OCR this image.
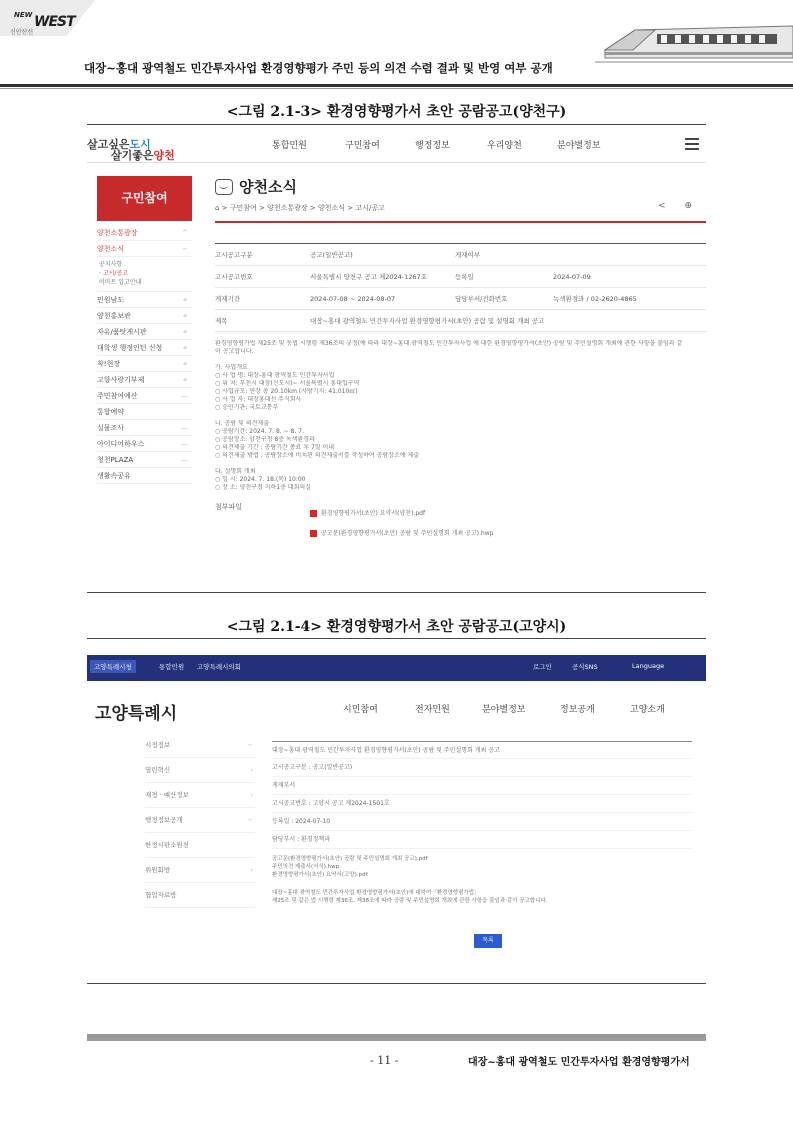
NEW WEST
신안산선
대장~홍대 광역철도 민간투자사업 환경영향평가 주민 등의 의견 수렴 결과 및 반영 여부 공개
<그림 2.1-3> 환경영향평가서 초안 공람공고(양천구)
살고싶은도시
살기좋은양천
통합민원	구민참여	행정정보	우리양천	분야별정보
구민참여
양천소통광장	^
양천소식	−
공지사항
· 고시/공고
이마트 입고안내
민원남도	+
양천홍보관	+
자유/품탓게시판	+
대학생 행정인턴 신청	+
착!현장	+
고향사랑기부제	+
주민참여예산	—
통합예약
실물조사	—
아이디어하우스	—
청천PLAZA	—
생활속공유
양천소식
⌂ > 구민참여 > 양천소통광장 > 양천소식 > 고시/공고	< ⊕
고시공고구분	공고(일반공고)	게재여부
고시공고번호	서울특별시 양천구 공고 제2024-1267호	등록일	2024-07-09
게재기간	2024-07-08 ~ 2024-08-07	담당부서/전화번호	녹색환경과 / 02-2620-4865
제목	대장~홍대 광역철도 민간투자사업 환경영향평가서(초안) 공람 및 설명회 개최 공고

환경영향평가법 제25조 및 동법 시행령 제36조의 규정(에 따라 대장~홍대 광역철도 민간투자사업 에 대한 환경영향평가서(초안) 공람 및 주민설명회 개최에 관한 사항을 붙임과 같

이 공고합니다.

가. 사업개요

○ 사 업 명: 대장-홍대 광역철도 민간투자사업

○ 위 치: 부천시 대장(신도시)~ 서울특별시 홍대입구역

○ 사업규모: 연장 총 20.10km (사방기지: 41,010㎡)

○ 사 업 자: 대장홍대선 주식회사

○ 승인기관: 국토교통부

나. 공람 및 의견제출

○ 공람기간: 2024. 7. 8. ~ 8. 7.

○ 공람장소: 양천구청 8층 녹색환경과

○ 의견제출 기간 : 공람기간 종료 후 7일 이내

○ 의견제출 방법 : 공람장소에 비치된 의견제출서를 작성하여 공람장소에 제출

다. 설명회 개최

○ 일 시: 2024. 7. 18.(목) 10:00

○ 장 소: 양천구청 지하1층 대회의실

첨부파일
환경영향평가서(초안) 요약서(양천).pdf
공고문(환경영향평가서(초안) 공람 및 주민설명회 개최 공고).hwp
<그림 2.1-4> 환경영향평가서 초안 공람공고(고양시)
고양특례시청	통합민원 고양특례시의회	로그인	공식SNS	Language
고양특례시	시민참여	전자민원	분야별정보	정보공개	고양소개
시정정보	−
열린혁신	›
재정 · 예산정보	›
행정정보공개	−
한정시판소원천
위원회방	›
협업자료방
대장~홍대 광역철도 민간투자사업 환경영향평가서(초안) 공람 및 주민설명회 개최 공고
고시공고구분 : 공고(일반공고)
게재부서
고시공고번호 : 고양시 공고 제2024-1501호
등록일 : 2024-07-10
담당부서 : 환경정책과
공고문(환경영향평가서(초안) 공람 및 주민설명회 개최 공고).pdf
주민의견 제출서(서식).hwp
환경영향평가서(초안) 요약서(고양).pdf
대장~홍대 광역철도 민간투자사업 환경영향평가서(초안)에 대하여「환경영향평가법」
제25조 및 같은 법 시행령 제36조, 제38조에 따라 공람 및 주민설명회 개최에 관한 사항을 붙임과 같이 공고합니다.
목록
- 11 -	대장~홍대 광역철도 민간투자사업 환경영향평가서
